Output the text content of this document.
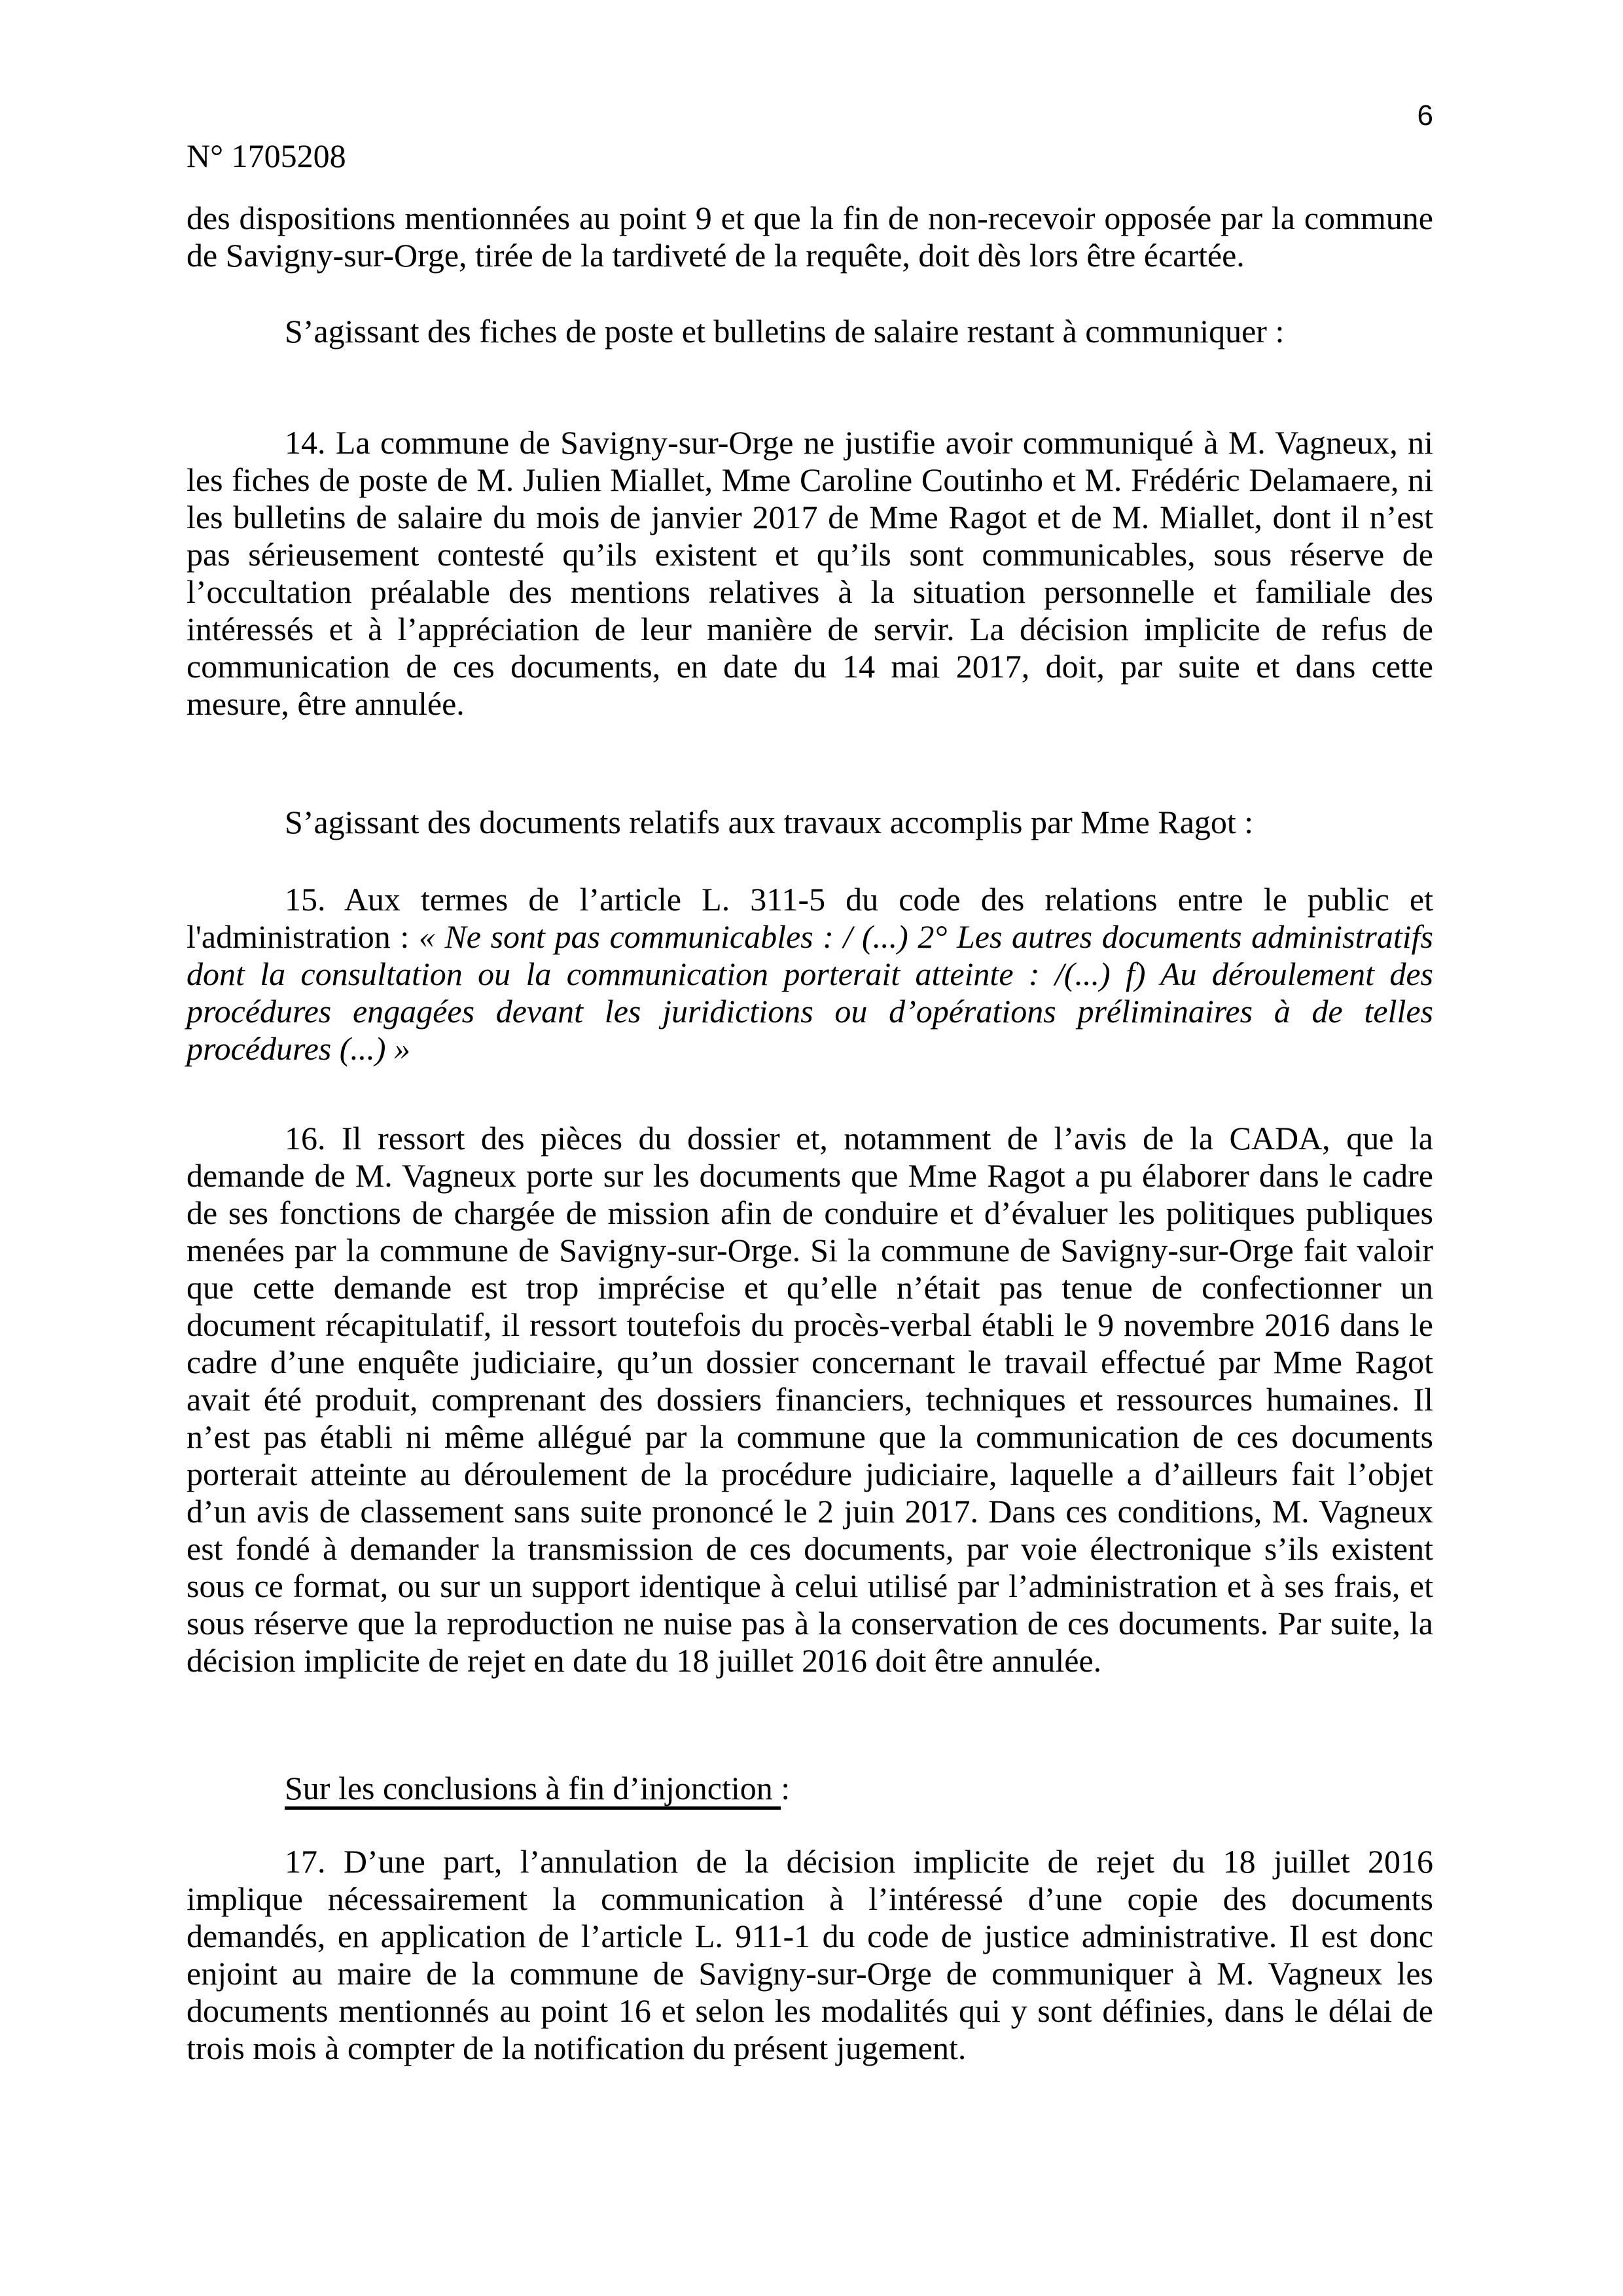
6
N° 1705208
des dispositions mentionnées au point 9 et que la fin de non-recevoir opposée par la commune
de Savigny-sur-Orge, tirée de la tardiveté de la requête, doit dès lors être écartée.
S’agissant des fiches de poste et bulletins de salaire restant à communiquer :
14. La commune de Savigny-sur-Orge ne justifie avoir communiqué à M. Vagneux, ni
les fiches de poste de M. Julien Miallet, Mme Caroline Coutinho et M. Frédéric Delamaere, ni
les bulletins de salaire du mois de janvier 2017 de Mme Ragot et de M. Miallet, dont il n’est
pas sérieusement contesté qu’ils existent et qu’ils sont communicables, sous réserve de
l’occultation préalable des mentions relatives à la situation personnelle et familiale des
intéressés et à l’appréciation de leur manière de servir. La décision implicite de refus de
communication de ces documents, en date du 14 mai 2017, doit, par suite et dans cette
mesure, être annulée.
S’agissant des documents relatifs aux travaux accomplis par Mme Ragot :
15. Aux termes de l’article L. 311-5 du code des relations entre le public et
l'administration : « Ne sont pas communicables : / (...) 2° Les autres documents administratifs
dont la consultation ou la communication porterait atteinte : /(...) f) Au déroulement des
procédures engagées devant les juridictions ou d’opérations préliminaires à de telles
procédures (...) »
16. Il ressort des pièces du dossier et, notamment de l’avis de la CADA, que la
demande de M. Vagneux porte sur les documents que Mme Ragot a pu élaborer dans le cadre
de ses fonctions de chargée de mission afin de conduire et d’évaluer les politiques publiques
menées par la commune de Savigny-sur-Orge. Si la commune de Savigny-sur-Orge fait valoir
que cette demande est trop imprécise et qu’elle n’était pas tenue de confectionner un
document récapitulatif, il ressort toutefois du procès-verbal établi le 9 novembre 2016 dans le
cadre d’une enquête judiciaire, qu’un dossier concernant le travail effectué par Mme Ragot
avait été produit, comprenant des dossiers financiers, techniques et ressources humaines. Il
n’est pas établi ni même allégué par la commune que la communication de ces documents
porterait atteinte au déroulement de la procédure judiciaire, laquelle a d’ailleurs fait l’objet
d’un avis de classement sans suite prononcé le 2 juin 2017. Dans ces conditions, M. Vagneux
est fondé à demander la transmission de ces documents, par voie électronique s’ils existent
sous ce format, ou sur un support identique à celui utilisé par l’administration et à ses frais, et
sous réserve que la reproduction ne nuise pas à la conservation de ces documents. Par suite, la
décision implicite de rejet en date du 18 juillet 2016 doit être annulée.
Sur les conclusions à fin d’injonction :
17. D’une part, l’annulation de la décision implicite de rejet du 18 juillet 2016
implique nécessairement la communication à l’intéressé d’une copie des documents
demandés, en application de l’article L. 911-1 du code de justice administrative. Il est donc
enjoint au maire de la commune de Savigny-sur-Orge de communiquer à M. Vagneux les
documents mentionnés au point 16 et selon les modalités qui y sont définies, dans le délai de
trois mois à compter de la notification du présent jugement.
